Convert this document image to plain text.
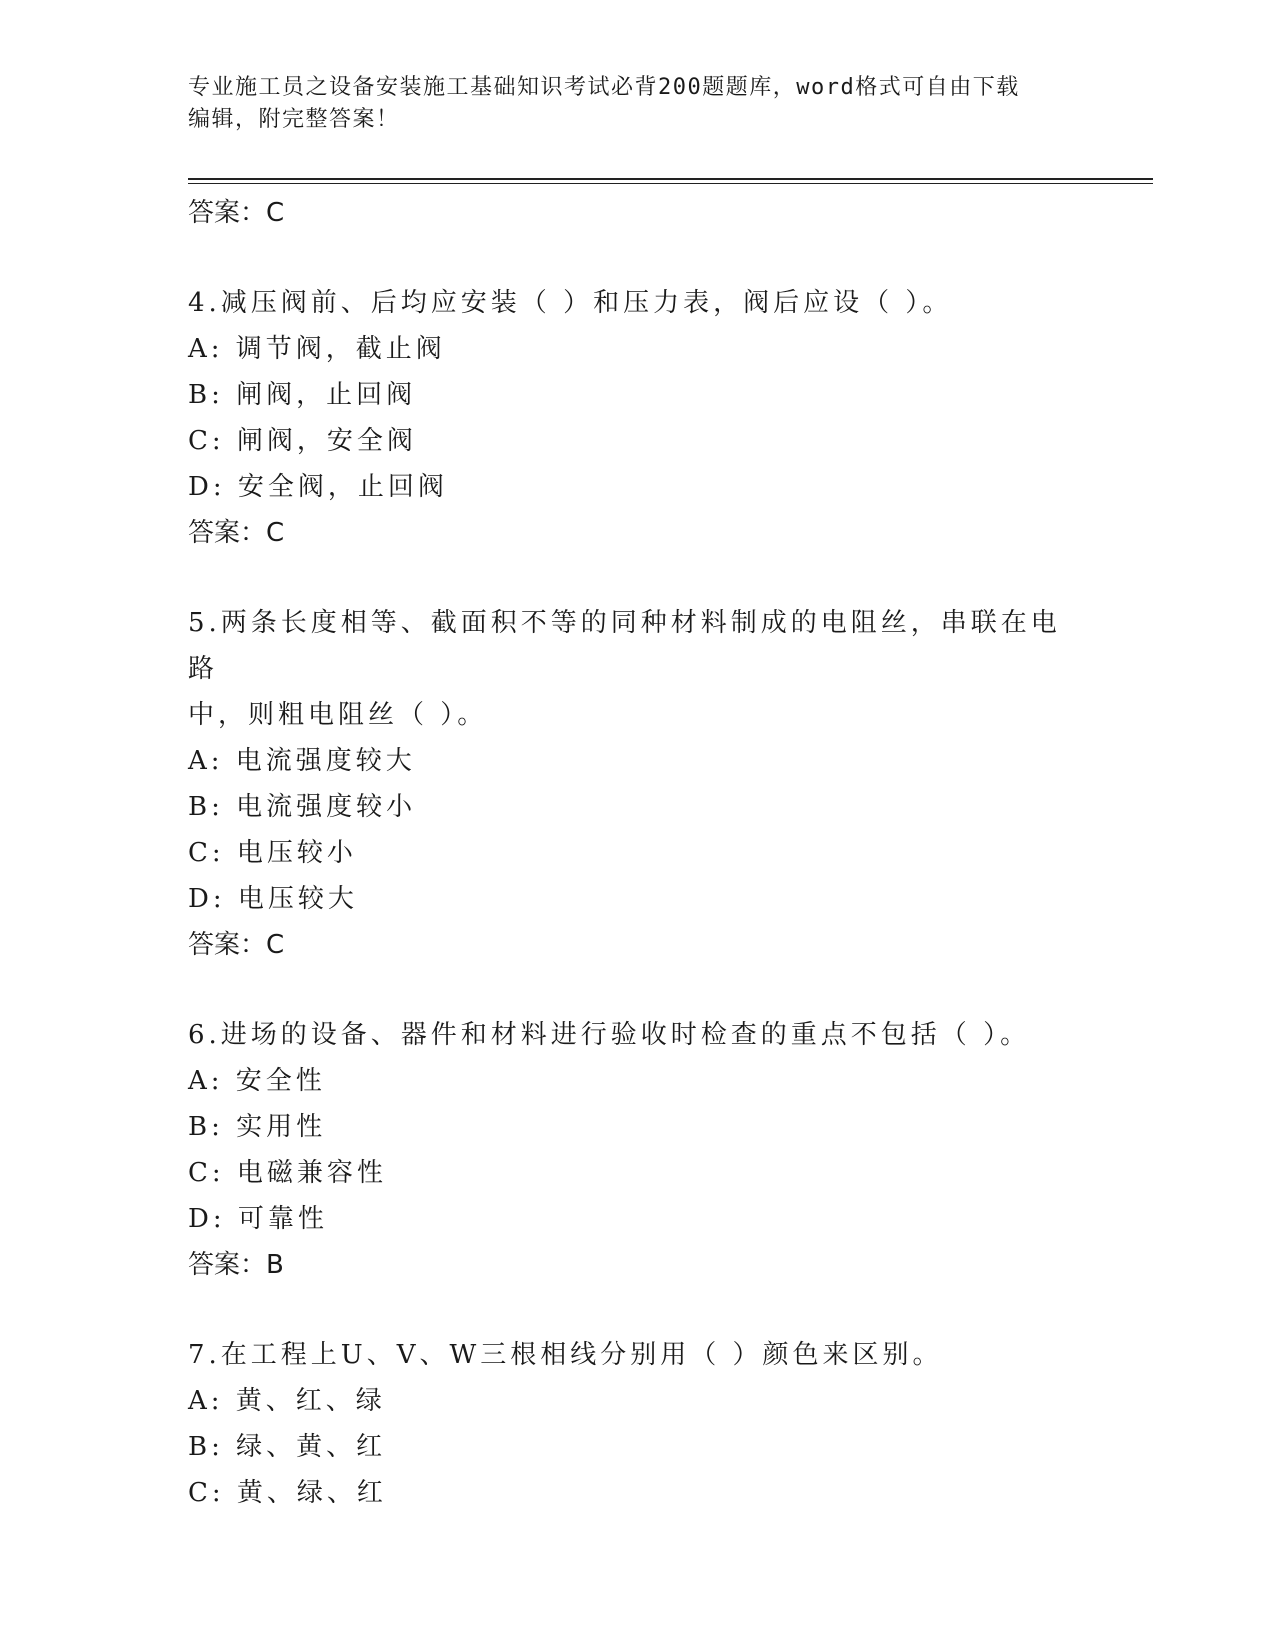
专业施工员之设备安装施工基础知识考试必背200题题库，word格式可自由下载
编辑，附完整答案！

答案：C

4.减压阀前、后均应安装（ ）和压力表，阀后应设（ ）。

A: 调节阀，截止阀

B: 闸阀，止回阀

C: 闸阀，安全阀

D: 安全阀，止回阀

答案：C

5.两条长度相等、截面积不等的同种材料制成的电阻丝，串联在电路

中，则粗电阻丝（ ）。

A: 电流强度较大

B: 电流强度较小

C: 电压较小

D: 电压较大

答案：C

6.进场的设备、器件和材料进行验收时检查的重点不包括（ ）。

A: 安全性

B: 实用性

C: 电磁兼容性

D: 可靠性

答案：B

7.在工程上U、V、W三根相线分别用（ ）颜色来区别。

A: 黄、红、绿

B: 绿、黄、红

C: 黄、绿、红
